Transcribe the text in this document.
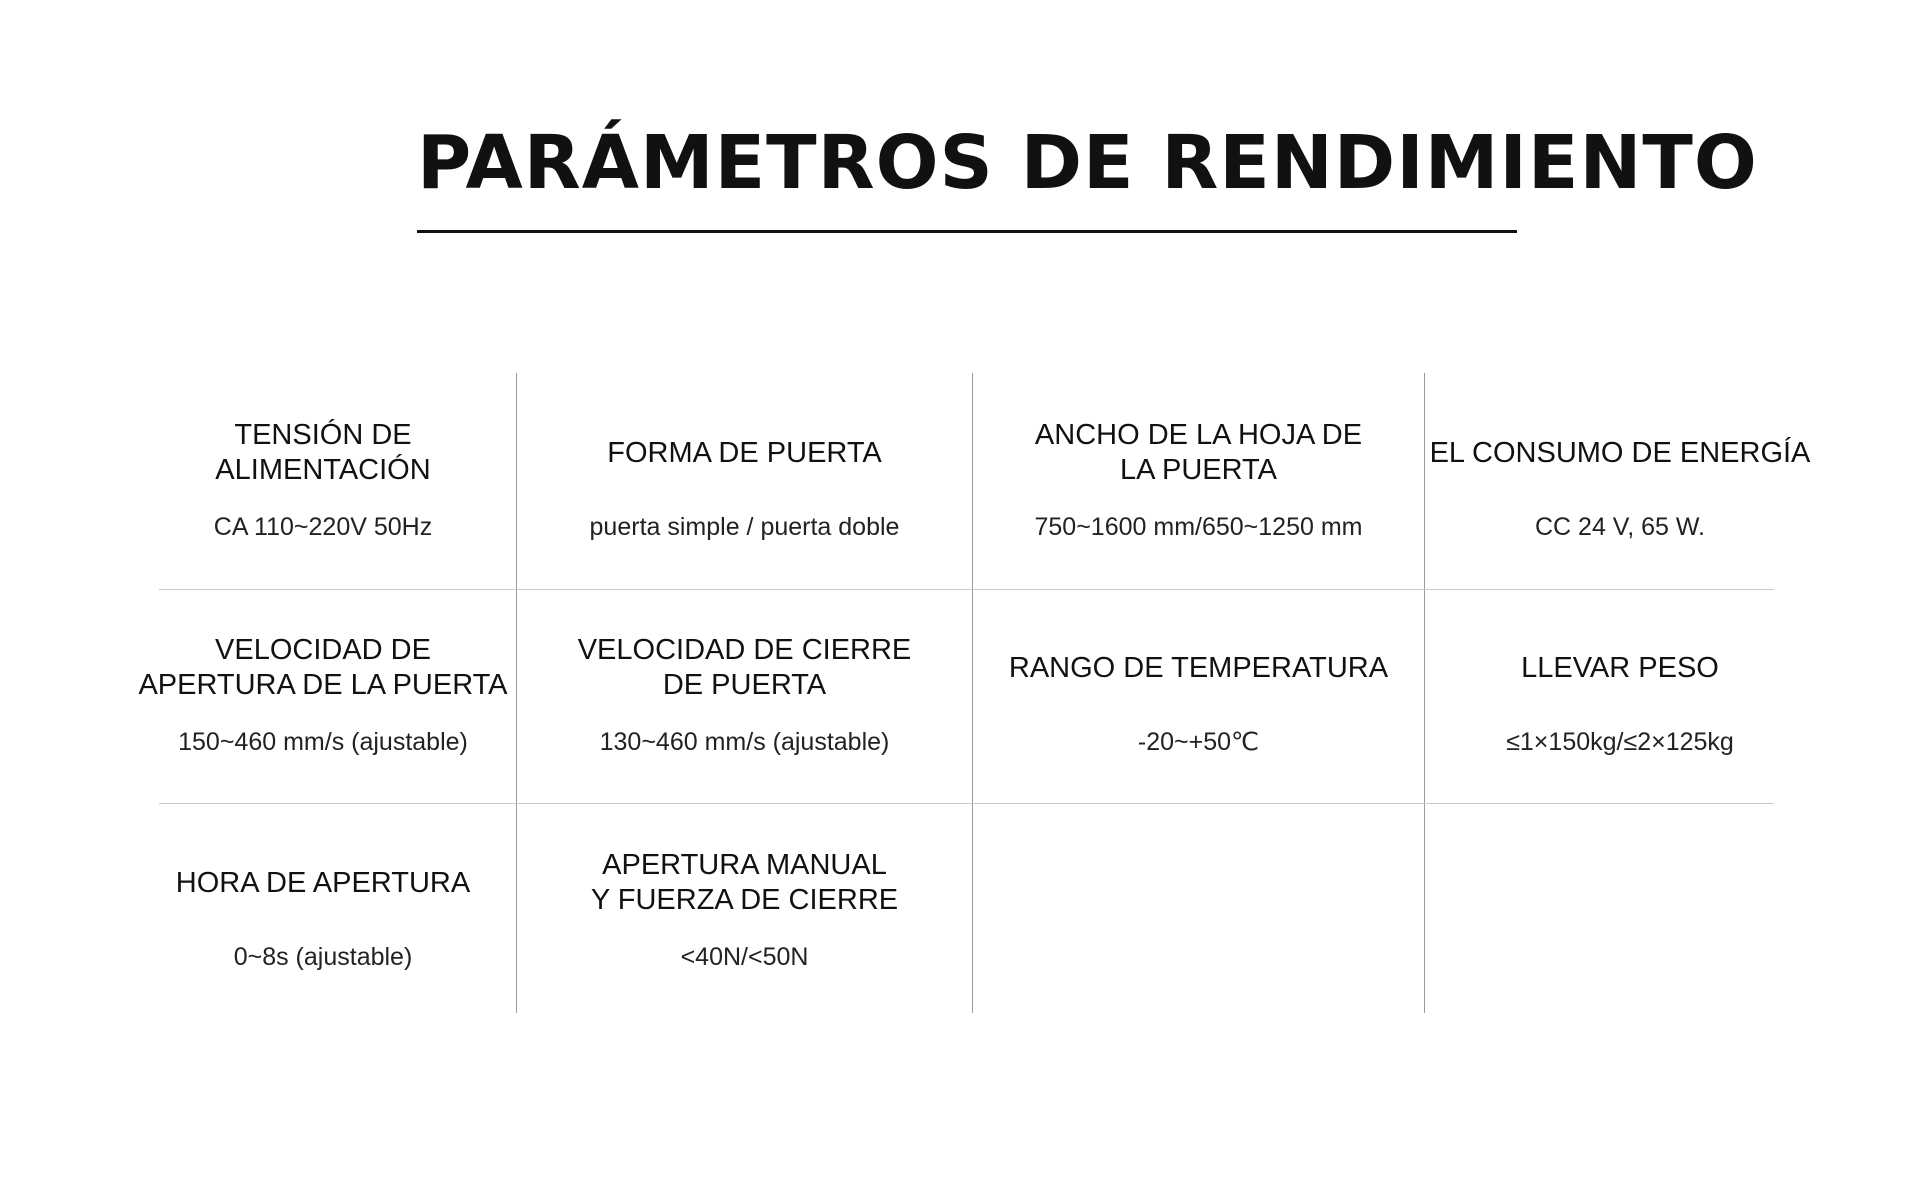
PARÁMETROS DE RENDIMIENTO
TENSIÓN DE ALIMENTACIÓN
CA 110~220V 50Hz
FORMA DE PUERTA
puerta simple / puerta doble
ANCHO DE LA HOJA DE
LA PUERTA
750~1600 mm/650~1250 mm
EL CONSUMO DE ENERGÍA
CC 24 V, 65 W.
VELOCIDAD DE
APERTURA DE LA PUERTA
150~460 mm/s (ajustable)
VELOCIDAD DE CIERRE
DE PUERTA
130~460 mm/s (ajustable)
RANGO DE TEMPERATURA
-20~+50℃
LLEVAR PESO
≤1×150kg/≤2×125kg
HORA DE APERTURA
0~8s (ajustable)
APERTURA MANUAL
Y FUERZA DE CIERRE
<40N/<50N
